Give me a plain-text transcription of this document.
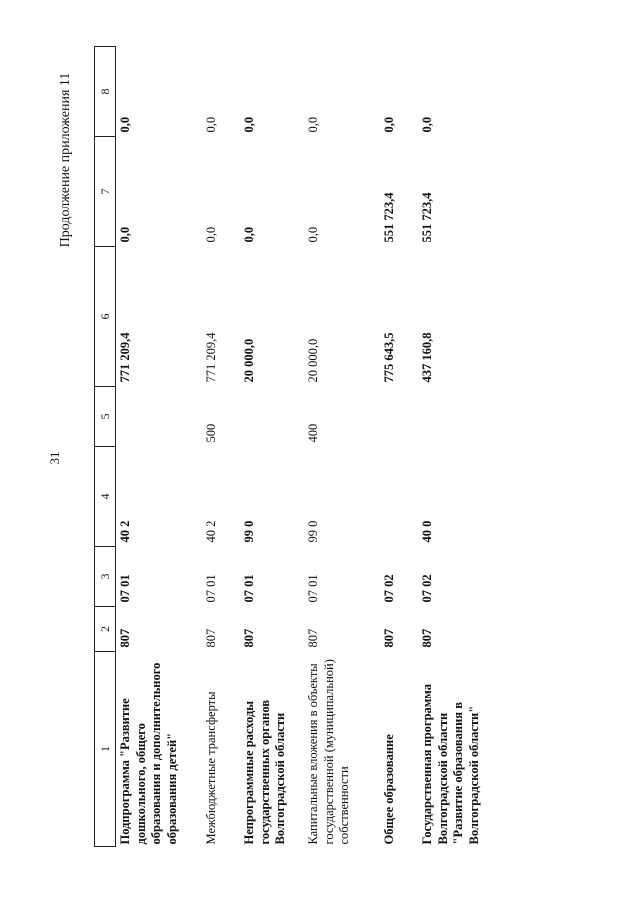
31
Продолжение приложения 11
1	2	3	4	5	6	7	8
Подпрограмма "Развитие дошкольного, общего образования и дополнительного образования детей"	807	07 01	40 2		771 209,4	0,0	0,0
Межбюджетные трансферты	807	07 01	40 2	500	771 209,4	0,0	0,0
Непрограммные расходы государственных органов Волгоградской области	807	07 01	99 0		20 000,0	0,0	0,0
Капитальные вложения в объекты государственной (муниципальной) собственности	807	07 01	99 0	400	20 000,0	0,0	0,0
Общее образование	807	07 02			775 643,5	551 723,4	0,0
Государственная программа Волгоградской области "Развитие образования в Волгоградской области"	807	07 02	40 0		437 160,8	551 723,4	0,0
